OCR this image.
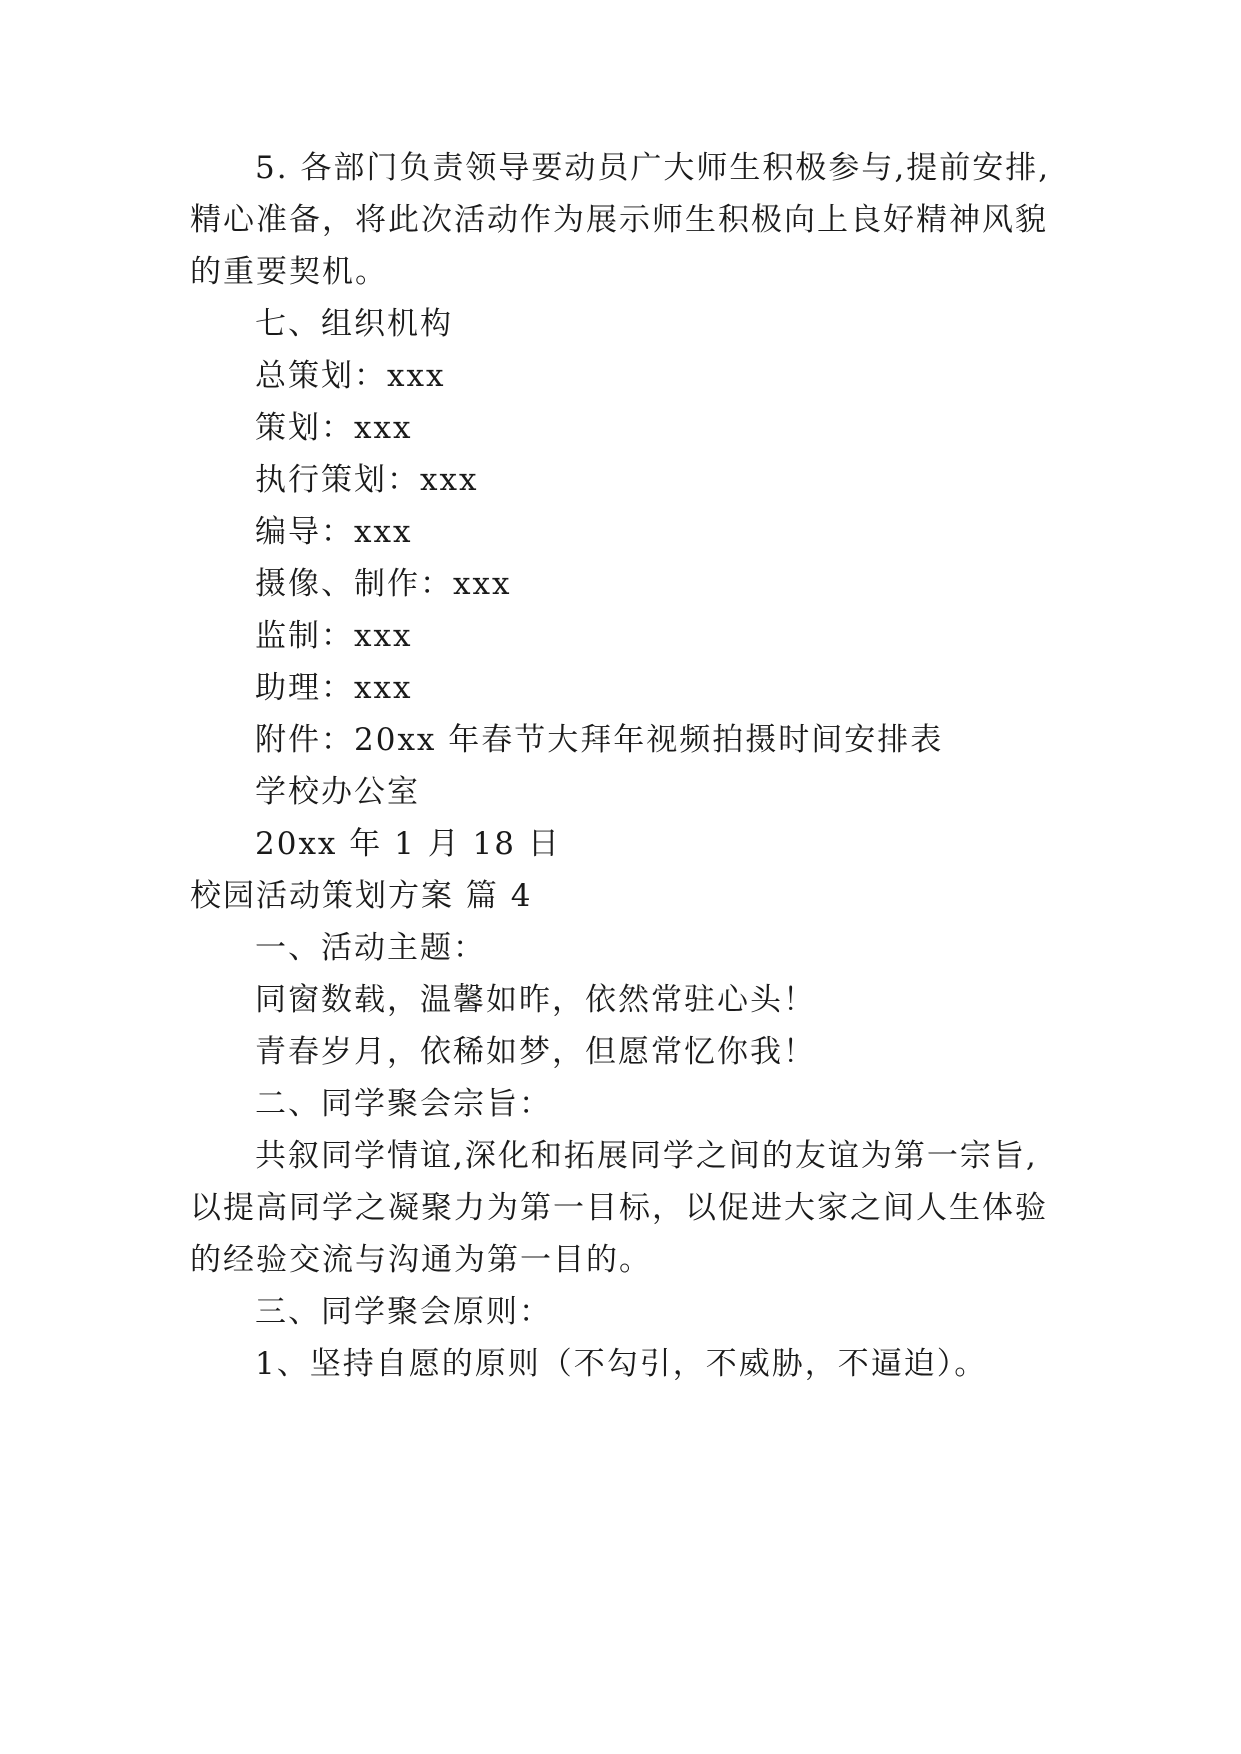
5. 各部门负责领导要动员广大师生积极参与,提前安排,
精心准备，将此次活动作为展示师生积极向上良好精神风貌
的重要契机。
七、组织机构
总策划：xxx
策划：xxx
执行策划：xxx
编导：xxx
摄像、制作：xxx
监制：xxx
助理：xxx
附件：20xx 年春节大拜年视频拍摄时间安排表
学校办公室
20xx 年 1 月 18 日
校园活动策划方案 篇 4
一、活动主题：
同窗数载，温馨如昨，依然常驻心头！
青春岁月，依稀如梦，但愿常忆你我！
二、同学聚会宗旨：
共叙同学情谊,深化和拓展同学之间的友谊为第一宗旨,
以提高同学之凝聚力为第一目标，以促进大家之间人生体验
的经验交流与沟通为第一目的。
三、同学聚会原则：
1、坚持自愿的原则（不勾引，不威胁，不逼迫）。
